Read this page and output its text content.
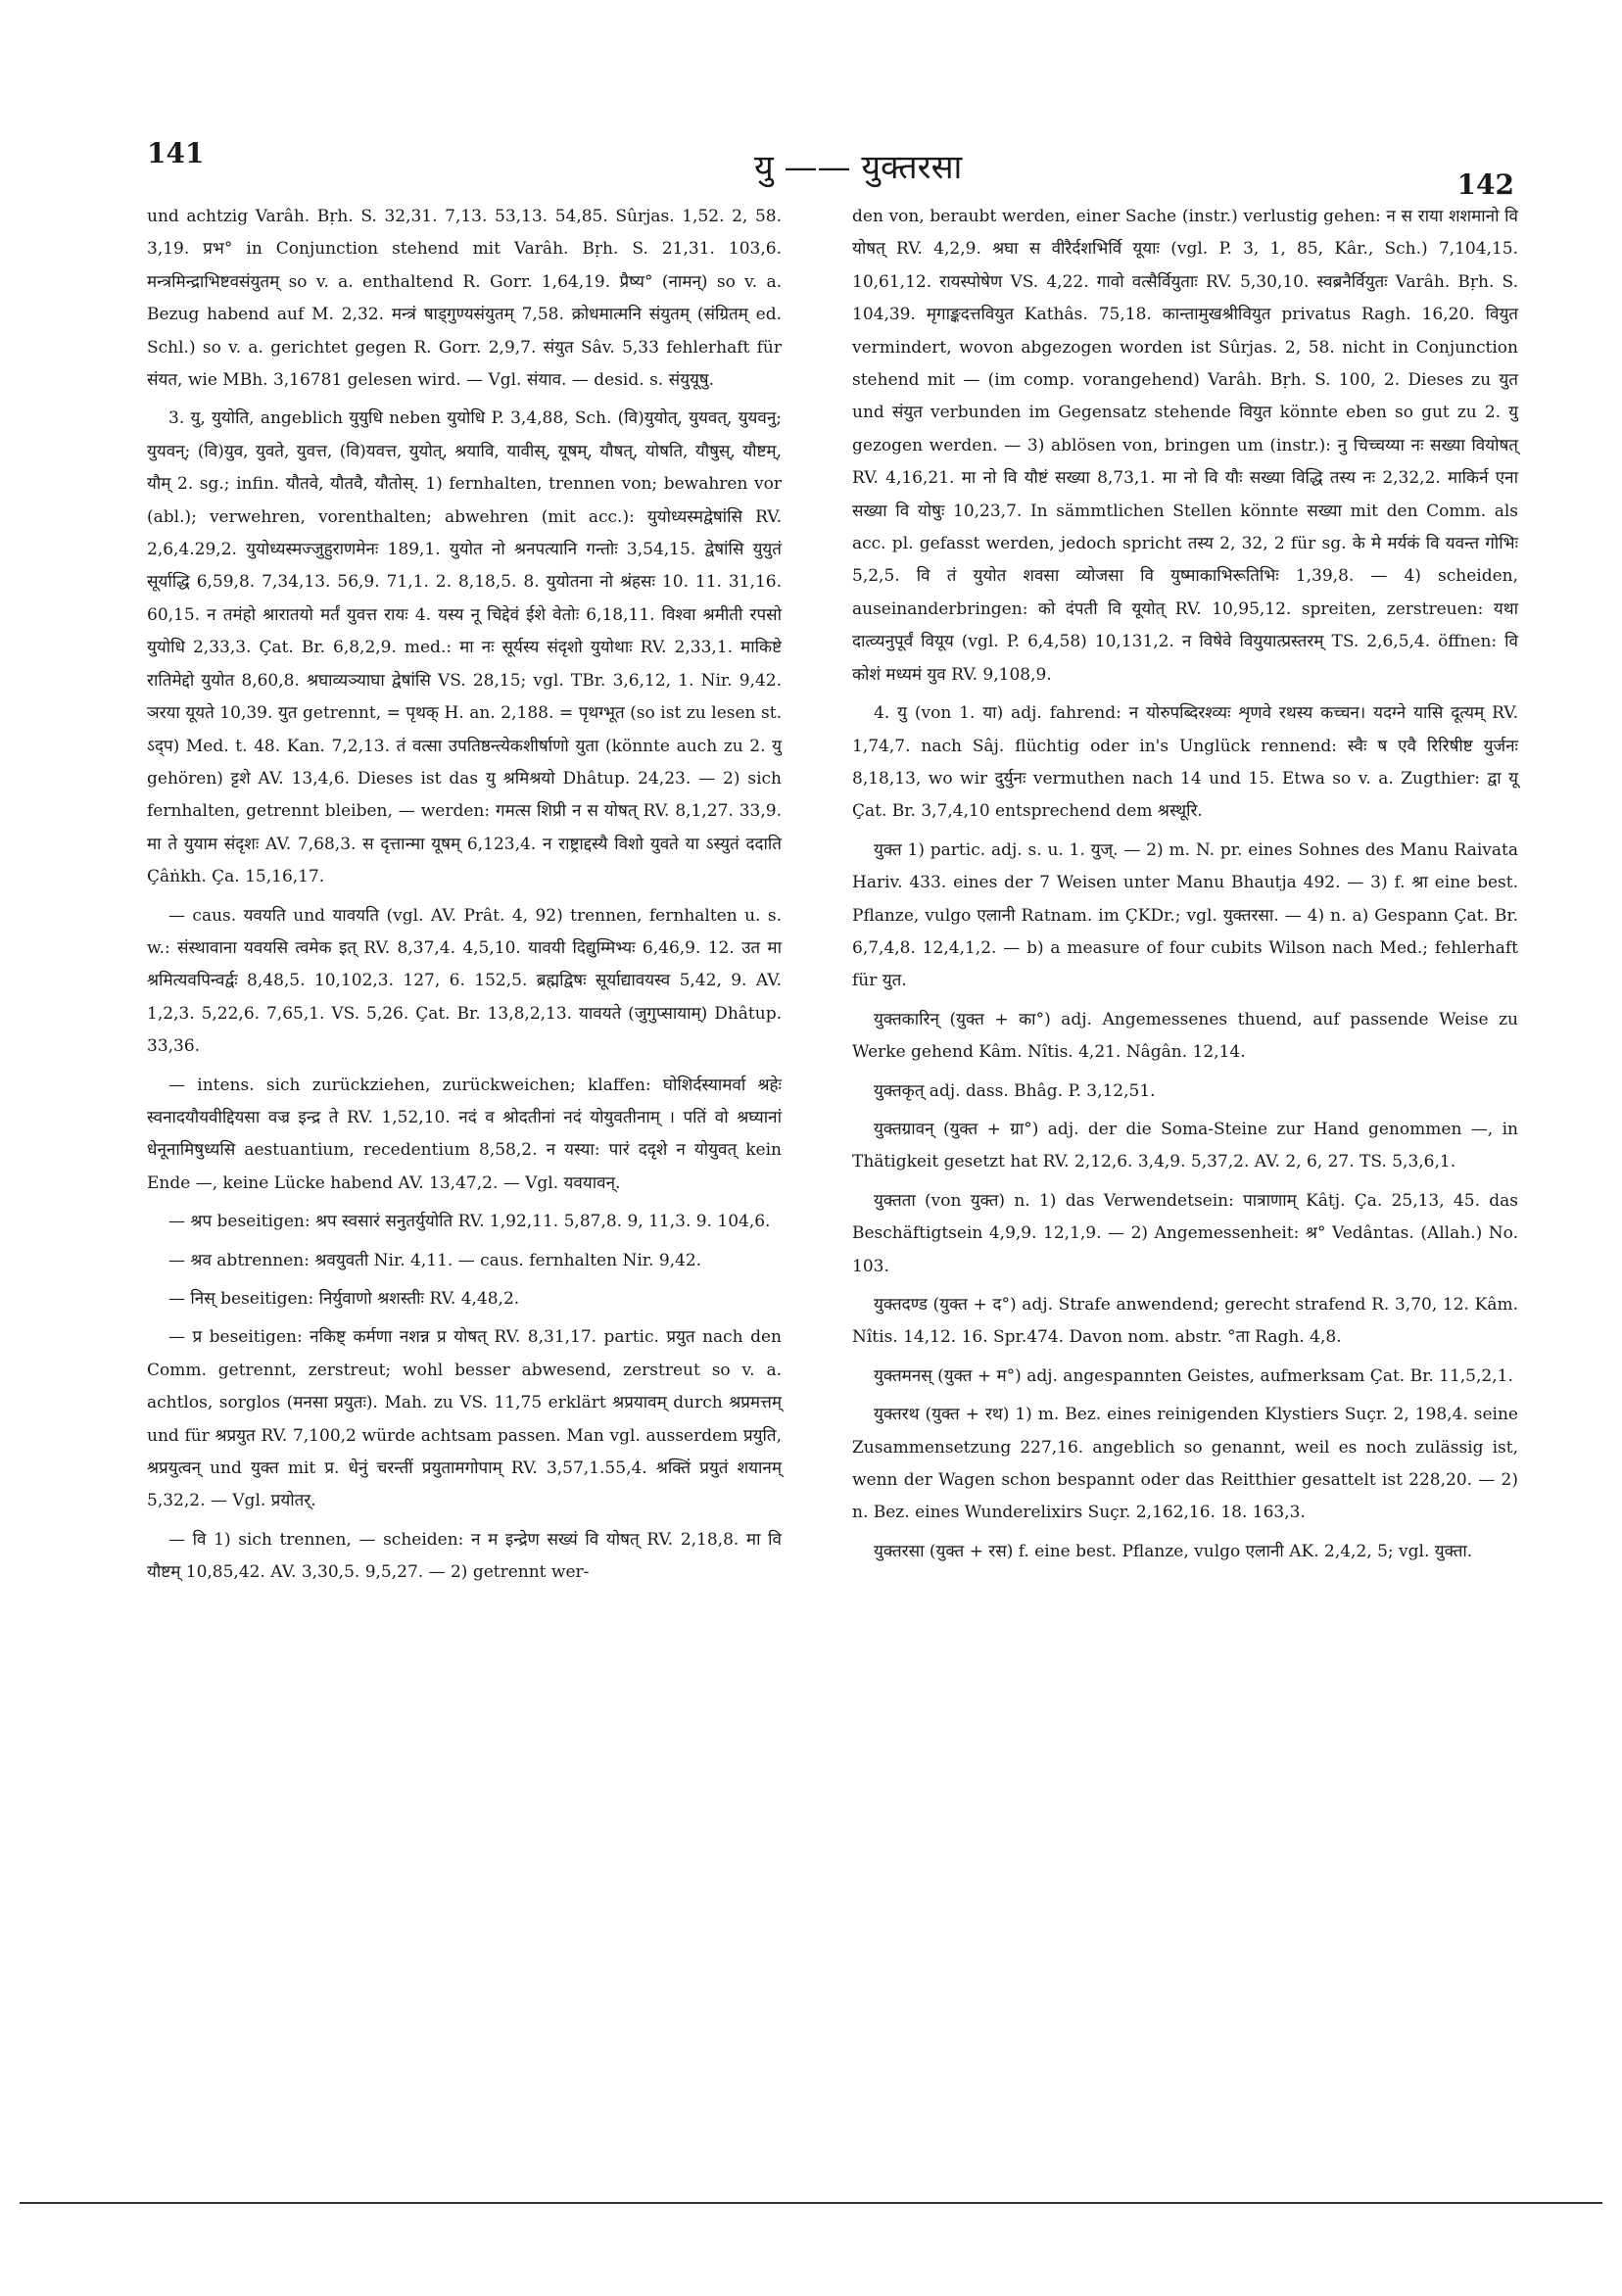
141	यु —— युक्तरसा	142

und achtzig Varâh. Bṛh. S. 32,31. 7,13. 53,13. 54,85. Sûrjas. 1,52. 2, 58. 3,19. प्रभ° in Conjunction stehend mit Varâh. Bṛh. S. 21,31. 103,6. मन्त्रमिन्द्राभिष्टवसंयुतम् so v. a. enthaltend R. Gorr. 1,64,19. प्रैष्य° (नामन्) so v. a. Bezug habend auf M. 2,32. मन्त्रं षाड्गुण्यसंयुतम् 7,58. क्रोधमात्मनि संयुतम् (संग्रितम् ed. Schl.) so v. a. gerichtet gegen R. Gorr. 2,9,7. संयुत Sâv. 5,33 fehlerhaft für संयत, wie MBh. 3,16781 gelesen wird. — Vgl. संयाव. — desid. s. संयुयूषु.

3. यु, युयोति, angeblich युयुधि neben युयोधि P. 3,4,88, Sch. (वि)युयोत्, युयवत्, युयवनु; युयवन्; (वि)युव, युवते, युवत्त, (वि)यवत्त, युयोत्, श्रयावि, यावीस्, यूषम्, यौषत्, योषति, यौषुस्, यौष्टम्, यौम् 2. sg.; infin. यौतवे, यौतवै, यौतोस्. 1) fernhalten, trennen von; bewahren vor (abl.); verwehren, vorenthalten; abwehren (mit acc.): युयोध्यस्मद्वेषांसि RV. 2,6,4.29,2. युयोध्यस्मज्जुहुराणमेनः 189,1. युयोत नो श्रनपत्यानि गन्तोः 3,54,15. द्वेषांसि युयुतं सूर्याद्धि 6,59,8. 7,34,13. 56,9. 71,1. 2. 8,18,5. 8. युयोतना नो श्रंहसः 10. 11. 31,16. 60,15. न तमंहो श्रारातयो मर्तं युवत्त रायः 4. यस्य नू चिद्देवं ईशे वेतोः 6,18,11. विश्वा श्रमीती रपसो युयोधि 2,33,3. Çat. Br. 6,8,2,9. med.: मा नः सूर्यस्य संदृशो युयोथाः RV. 2,33,1. माकिष्टे रातिमेद्दो युयोत 8,60,8. श्रघाव्यञ्याघा द्वेषांसि VS. 28,15; vgl. TBr. 3,6,12, 1. Nir. 9,42. ञरया यूयते 10,39. युत getrennt, = पृथक् H. an. 2,188. = पृथग्भूत (so ist zu lesen st. ऽद्प) Med. t. 48. Kan. 7,2,13. तं वत्सा उपतिष्ठन्त्येकशीर्षाणो युता (könnte auch zu 2. यु gehören) ट्टशे AV. 13,4,6. Dieses ist das यु श्रमिश्रयो Dhâtup. 24,23. — 2) sich fernhalten, getrennt bleiben, — werden: गमत्स शिप्री न स योषत् RV. 8,1,27. 33,9. मा ते युयाम संदृशः AV. 7,68,3. स दृत्तान्मा यूषम् 6,123,4. न राष्ट्राद्दस्यै विशो युवते या ऽस्युतं ददाति Çâṅkh. Ça. 15,16,17.

— caus. यवयति und यावयति (vgl. AV. Prât. 4, 92) trennen, fernhalten u. s. w.: संस्थावाना यवयसि त्वमेक इत् RV. 8,37,4. 4,5,10. यावयी दिद्युम्मिभ्यः 6,46,9. 12. उत मा श्रमित्यवपिन्वर्द्वः 8,48,5. 10,102,3. 127, 6. 152,5. ब्रह्मद्विषः सूर्याद्यावयस्व 5,42, 9. AV. 1,2,3. 5,22,6. 7,65,1. VS. 5,26. Çat. Br. 13,8,2,13. यावयते (जुगुप्सायाम्) Dhâtup. 33,36.

— intens. sich zurückziehen, zurückweichen; klaffen: घोशिर्दस्यामर्वा श्रहेः स्वनादयौयवीद्दियसा वज्र इन्द्र ते RV. 1,52,10. नदं व श्रोदतीनां नदं योयुवतीनाम् । पतिं वो श्रघ्यानां धेनूनामिषुध्यसि aestuantium, recedentium 8,58,2. न यस्या: पारं ददृशे न योयुवत् kein Ende —, keine Lücke habend AV. 13,47,2. — Vgl. यवयावन्.

— श्रप beseitigen: श्रप स्वसारं सनुतर्युयोति RV. 1,92,11. 5,87,8. 9, 11,3. 9. 104,6.

— श्रव abtrennen: श्रवयुवती Nir. 4,11. — caus. fernhalten Nir. 9,42.

— निस् beseitigen: निर्युवाणो श्रशस्तीः RV. 4,48,2.

— प्र beseitigen: नकिष्ट् कर्मणा नशन्न प्र योषत् RV. 8,31,17. partic. प्रयुत nach den Comm. getrennt, zerstreut; wohl besser abwesend, zerstreut so v. a. achtlos, sorglos (मनसा प्रयुतः). Mah. zu VS. 11,75 erklärt श्रप्रयावम् durch श्रप्रमत्तम् und für श्रप्रयुत RV. 7,100,2 würde achtsam passen. Man vgl. ausserdem प्रयुति, श्रप्रयुत्वन् und युक्त mit प्र. धेनुं चरन्तीं प्रयुतामगोपाम् RV. 3,57,1.55,4. श्रक्तिं प्रयुतं शयानम् 5,32,2. — Vgl. प्रयोतर्.

— वि 1) sich trennen, — scheiden: न म इन्द्रेण सख्यं वि योषत् RV. 2,18,8. मा वि यौष्टम् 10,85,42. AV. 3,30,5. 9,5,27. — 2) getrennt wer-

den von, beraubt werden, einer Sache (instr.) verlustig gehen: न स राया शशमानो वि योषत् RV. 4,2,9. श्रघा स वीरैर्दशभिर्वि यूयाः (vgl. P. 3, 1, 85, Kâr., Sch.) 7,104,15. 10,61,12. रायस्पोषेण VS. 4,22. गावो वत्सैर्वियुताः RV. 5,30,10. स्वब्रनैर्वियुतः Varâh. Bṛh. S. 104,39. मृगाङ्कदत्तवियुत Kathâs. 75,18. कान्तामुखश्रीवियुत privatus Ragh. 16,20. वियुत vermindert, wovon abgezogen worden ist Sûrjas. 2, 58. nicht in Conjunction stehend mit — (im comp. vorangehend) Varâh. Bṛh. S. 100, 2. Dieses zu युत und संयुत verbunden im Gegensatz stehende वियुत könnte eben so gut zu 2. यु gezogen werden. — 3) ablösen von, bringen um (instr.): नु चिच्चय्या नः सख्या वियोषत् RV. 4,16,21. मा नो वि यौष्टं सख्या 8,73,1. मा नो वि यौः सख्या विद्धि तस्य नः 2,32,2. माकिर्न एना सख्या वि योषुः 10,23,7. In sämmtlichen Stellen könnte सख्या mit den Comm. als acc. pl. gefasst werden, jedoch spricht तस्य 2, 32, 2 für sg. के मे मर्यकं वि यवन्त गोभिः 5,2,5. वि तं युयोत शवसा व्योजसा वि युष्माकाभिरूतिभिः 1,39,8. — 4) scheiden, auseinanderbringen: को दंपती वि यूयोत् RV. 10,95,12. spreiten, zerstreuen: यथा दात्व्यनुपूर्वं वियूय (vgl. P. 6,4,58) 10,131,2. न विषेवे वियुयात्प्रस्तरम् TS. 2,6,5,4. öffnen: वि कोशं मध्यमं युव RV. 9,108,9.

4. यु (von 1. या) adj. fahrend: न योरुपब्दिरश्व्यः शृणवे रथस्य कच्चन। यदग्ने यासि दूत्यम् RV. 1,74,7. nach Sâj. flüchtig oder in's Unglück rennend: स्वैः ष एवै रिरिषीष्ट युर्जनः 8,18,13, wo wir दुर्युनः vermuthen nach 14 und 15. Etwa so v. a. Zugthier: द्वा यू Çat. Br. 3,7,4,10 entsprechend dem श्रस्थूरि.

युक्त 1) partic. adj. s. u. 1. युज्. — 2) m. N. pr. eines Sohnes des Manu Raivata Hariv. 433. eines der 7 Weisen unter Manu Bhautja 492. — 3) f. श्रा eine best. Pflanze, vulgo एलानी Ratnam. im ÇKDr.; vgl. युक्तरसा. — 4) n. a) Gespann Çat. Br. 6,7,4,8. 12,4,1,2. — b) a measure of four cubits Wilson nach Med.; fehlerhaft für युत.

युक्तकारिन् (युक्त + का°) adj. Angemessenes thuend, auf passende Weise zu Werke gehend Kâm. Nîtis. 4,21. Nâgân. 12,14.

युक्तकृत् adj. dass. Bhâg. P. 3,12,51.

युक्तग्रावन् (युक्त + ग्रा°) adj. der die Soma-Steine zur Hand genommen —, in Thätigkeit gesetzt hat RV. 2,12,6. 3,4,9. 5,37,2. AV. 2, 6, 27. TS. 5,3,6,1.

युक्तता (von युक्त) n. 1) das Verwendetsein: पात्राणाम् Kâtj. Ça. 25,13, 45. das Beschäftigtsein 4,9,9. 12,1,9. — 2) Angemessenheit: श्र° Vedântas. (Allah.) No. 103.

युक्तदण्ड (युक्त + द°) adj. Strafe anwendend; gerecht strafend R. 3,70, 12. Kâm. Nîtis. 14,12. 16. Spr.474. Davon nom. abstr. °ता Ragh. 4,8.

युक्तमनस् (युक्त + म°) adj. angespannten Geistes, aufmerksam Çat. Br. 11,5,2,1.

युक्तरथ (युक्त + रथ) 1) m. Bez. eines reinigenden Klystiers Suçr. 2, 198,4. seine Zusammensetzung 227,16. angeblich so genannt, weil es noch zulässig ist, wenn der Wagen schon bespannt oder das Reitthier gesattelt ist 228,20. — 2) n. Bez. eines Wunderelixirs Suçr. 2,162,16. 18. 163,3.

युक्तरसा (युक्त + रस) f. eine best. Pflanze, vulgo एलानी AK. 2,4,2, 5; vgl. युक्ता.
